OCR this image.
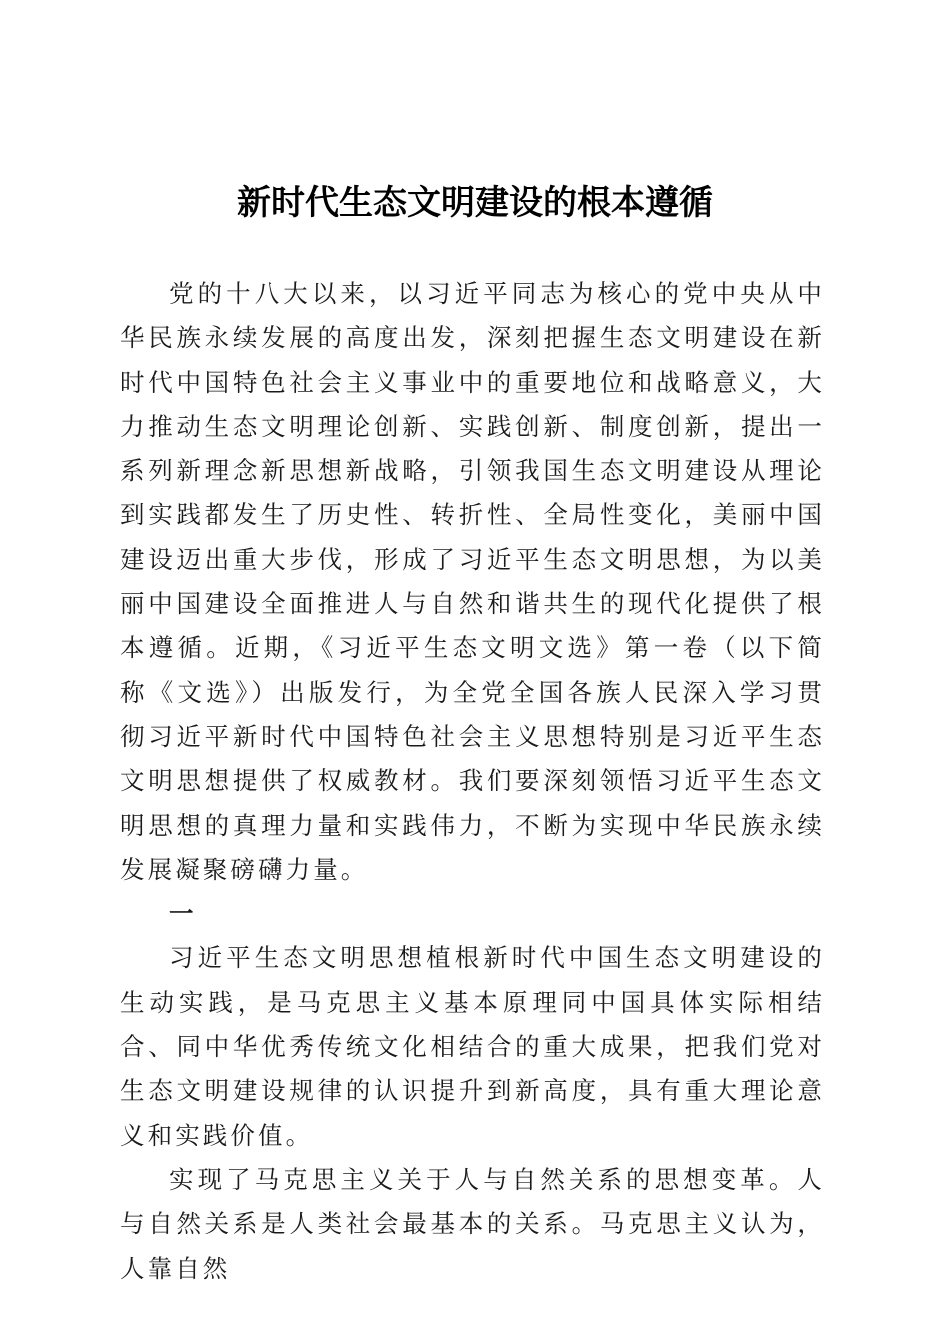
新时代生态文明建设的根本遵循

党的十八大以来，以习近平同志为核心的党中央从中华民族永续发展的高度出发，深刻把握生态文明建设在新时代中国特色社会主义事业中的重要地位和战略意义，大力推动生态文明理论创新、实践创新、制度创新，提出一系列新理念新思想新战略，引领我国生态文明建设从理论到实践都发生了历史性、转折性、全局性变化，美丽中国建设迈出重大步伐，形成了习近平生态文明思想，为以美丽中国建设全面推进人与自然和谐共生的现代化提供了根本遵循。近期，《习近平生态文明文选》第一卷（以下简称《文选》）出版发行，为全党全国各族人民深入学习贯彻习近平新时代中国特色社会主义思想特别是习近平生态文明思想提供了权威教材。我们要深刻领悟习近平生态文明思想的真理力量和实践伟力，不断为实现中华民族永续发展凝聚磅礴力量。

一

习近平生态文明思想植根新时代中国生态文明建设的生动实践，是马克思主义基本原理同中国具体实际相结合、同中华优秀传统文化相结合的重大成果，把我们党对生态文明建设规律的认识提升到新高度，具有重大理论意义和实践价值。

实现了马克思主义关于人与自然关系的思想变革。人与自然关系是人类社会最基本的关系。马克思主义认为，人靠自然
